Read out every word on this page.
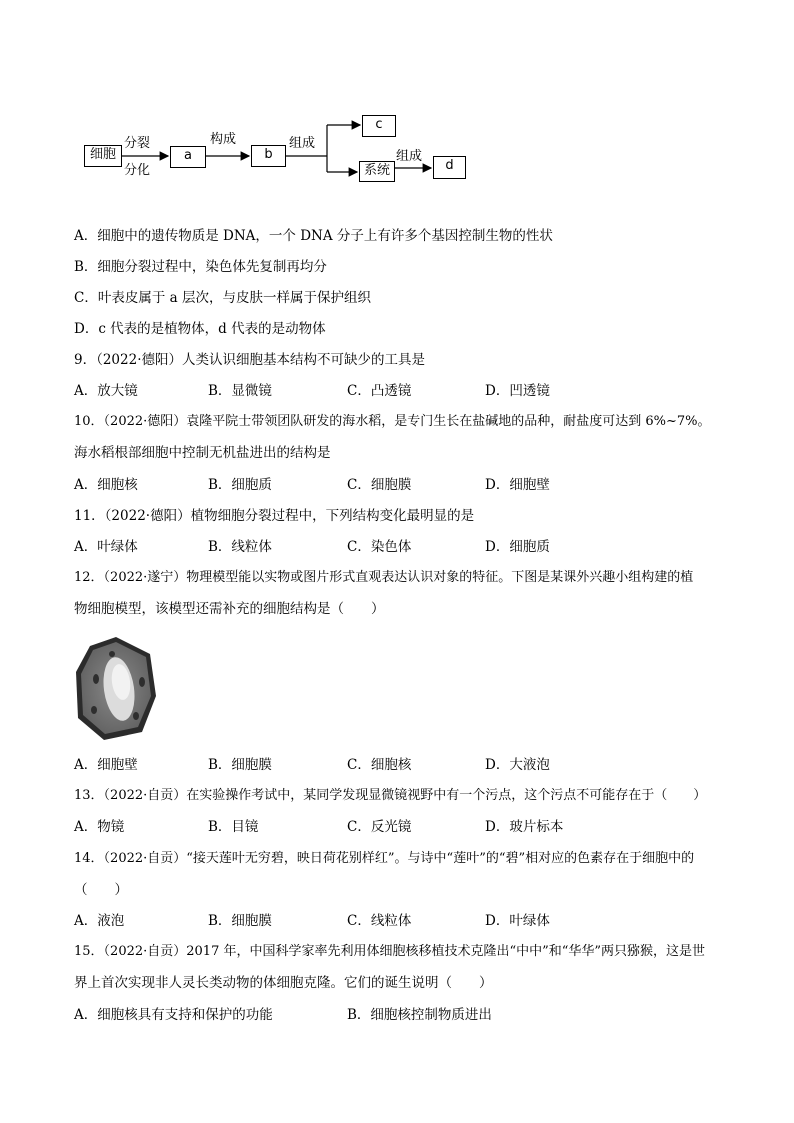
细胞
分裂
分化
a
构成
b
组成
c
系统
组成
d
A．细胞中的遗传物质是 DNA，一个 DNA 分子上有许多个基因控制生物的性状
B．细胞分裂过程中，染色体先复制再均分
C．叶表皮属于 a 层次，与皮肤一样属于保护组织
D．c 代表的是植物体，d 代表的是动物体
9．（2022·德阳）人类认识细胞基本结构不可缺少的工具是
A．放大镜	B．显微镜	C．凸透镜	D．凹透镜
10．（2022·德阳）袁隆平院士带领团队研发的海水稻，是专门生长在盐碱地的品种，耐盐度可达到 6%~7%。
海水稻根部细胞中控制无机盐进出的结构是
A．细胞核	B．细胞质	C．细胞膜	D．细胞壁
11．（2022·德阳）植物细胞分裂过程中，下列结构变化最明显的是
A．叶绿体	B．线粒体	C．染色体	D．细胞质
12．（2022·遂宁）物理模型能以实物或图片形式直观表达认识对象的特征。下图是某课外兴趣小组构建的植
物细胞模型，该模型还需补充的细胞结构是（　　）
A．细胞壁	B．细胞膜	C．细胞核	D．大液泡
13．（2022·自贡）在实验操作考试中，某同学发现显微镜视野中有一个污点，这个污点不可能存在于（　　）
A．物镜	B．目镜	C．反光镜	D．玻片标本
14．（2022·自贡）“接天莲叶无穷碧，映日荷花别样红”。与诗中“莲叶”的“碧”相对应的色素存在于细胞中的
（　　）
A．液泡	B．细胞膜	C．线粒体	D．叶绿体
15．（2022·自贡）2017 年，中国科学家率先利用体细胞核移植技术克隆出“中中”和“华华”两只猕猴，这是世
界上首次实现非人灵长类动物的体细胞克隆。它们的诞生说明（　　）
A．细胞核具有支持和保护的功能	B．细胞核控制物质进出
